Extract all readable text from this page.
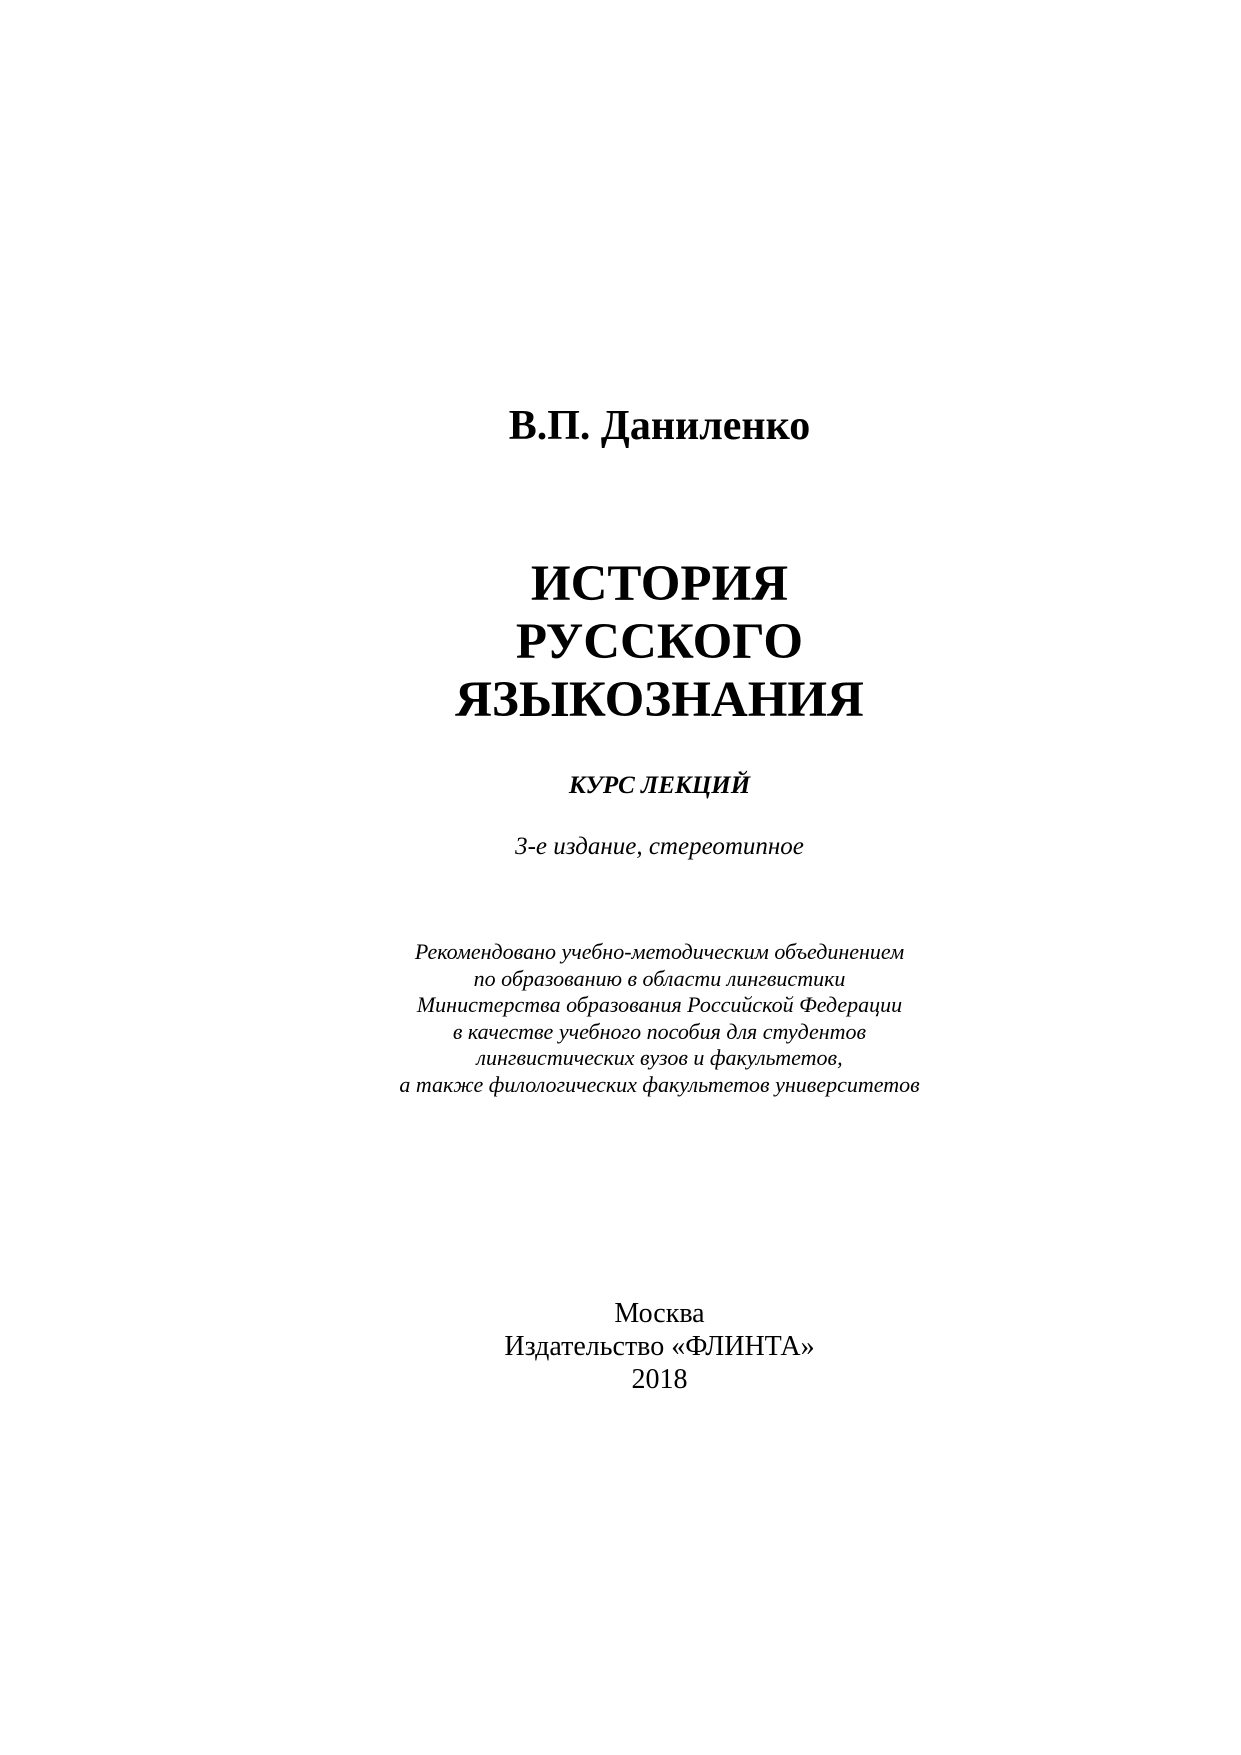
В.П. Даниленко

ИСТОРИЯ
РУССКОГО
ЯЗЫКОЗНАНИЯ

КУРС ЛЕКЦИЙ

3-е издание, стереотипное

Рекомендовано учебно-методическим объединением
по образованию в области лингвистики
Министерства образования Российской Федерации
в качестве учебного пособия для студентов
лингвистических вузов и факультетов,
а также филологических факультетов университетов

Москва
Издательство «ФЛИНТА»
2018
